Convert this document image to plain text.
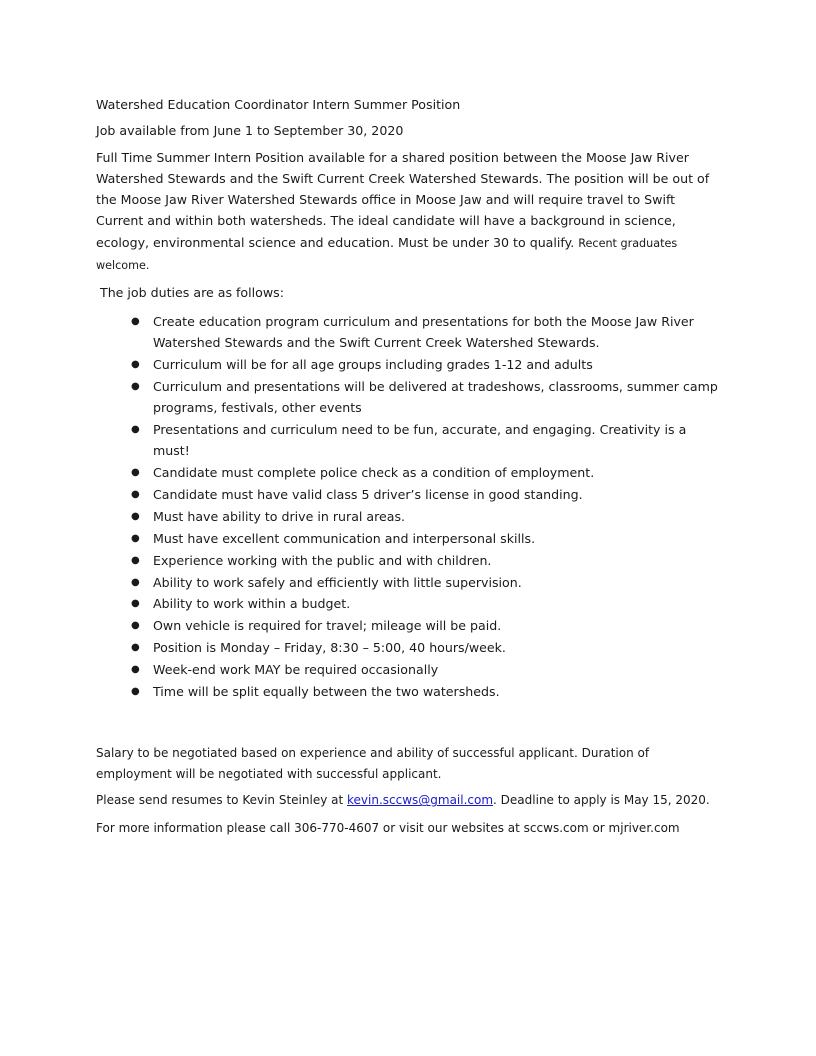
Watershed Education Coordinator Intern Summer Position

Job available from June 1 to September 30, 2020

Full Time Summer Intern Position available for a shared position between the Moose Jaw River Watershed Stewards and the Swift Current Creek Watershed Stewards. The position will be out of the Moose Jaw River Watershed Stewards office in Moose Jaw and will require travel to Swift Current and within both watersheds. The ideal candidate will have a background in science, ecology, environmental science and education. Must be under 30 to qualify. Recent graduates welcome.

The job duties are as follows:

● Create education program curriculum and presentations for both the Moose Jaw River Watershed Stewards and the Swift Current Creek Watershed Stewards.
● Curriculum will be for all age groups including grades 1-12 and adults
● Curriculum and presentations will be delivered at tradeshows, classrooms, summer camp programs, festivals, other events
● Presentations and curriculum need to be fun, accurate, and engaging. Creativity is a must!
● Candidate must complete police check as a condition of employment.
● Candidate must have valid class 5 driver’s license in good standing.
● Must have ability to drive in rural areas.
● Must have excellent communication and interpersonal skills.
● Experience working with the public and with children.
● Ability to work safely and efficiently with little supervision.
● Ability to work within a budget.
● Own vehicle is required for travel; mileage will be paid.
● Position is Monday – Friday, 8:30 – 5:00, 40 hours/week.
● Week-end work MAY be required occasionally
● Time will be split equally between the two watersheds.

Salary to be negotiated based on experience and ability of successful applicant. Duration of employment will be negotiated with successful applicant.

Please send resumes to Kevin Steinley at kevin.sccws@gmail.com. Deadline to apply is May 15, 2020.

For more information please call 306-770-4607 or visit our websites at sccws.com or mjriver.com
